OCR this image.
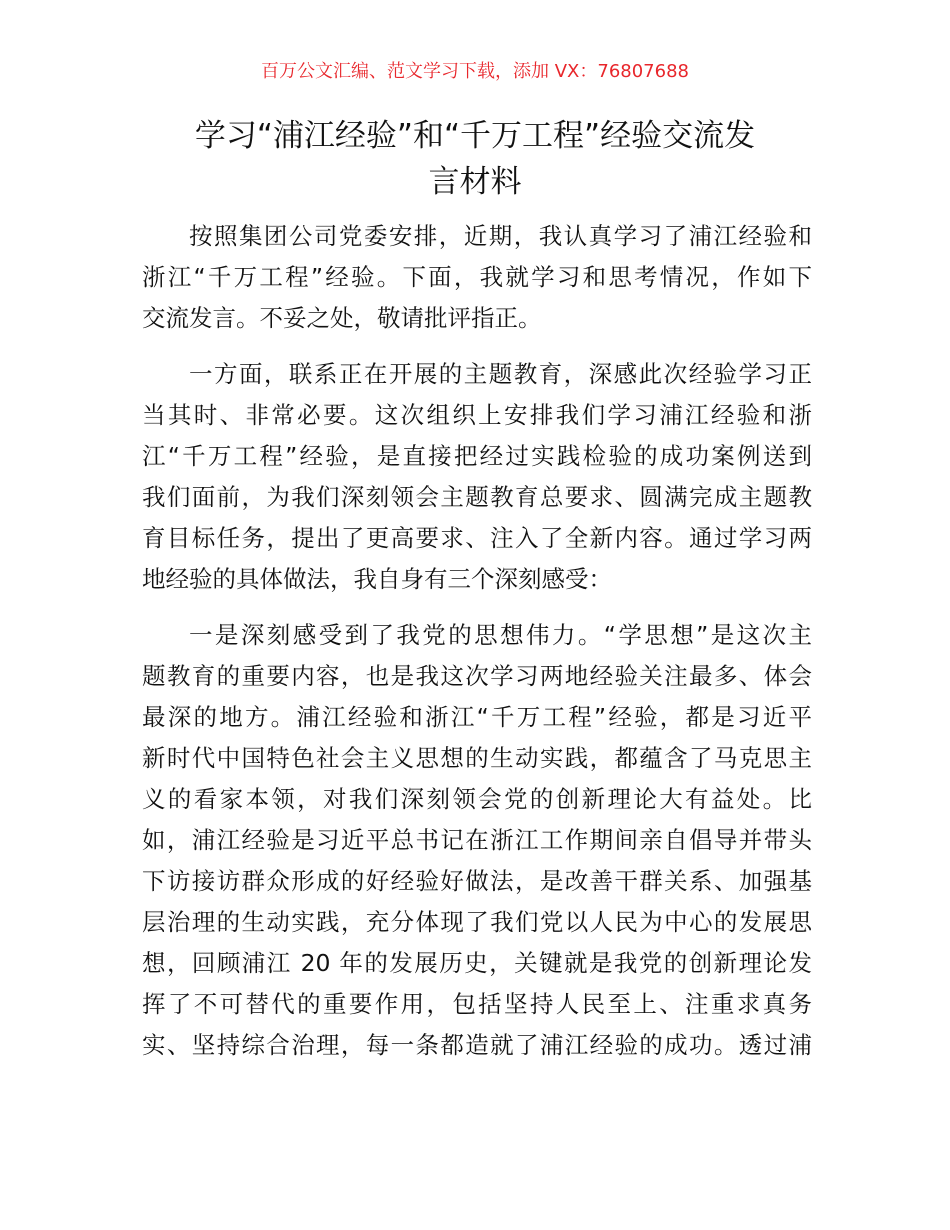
百万公文汇编、范文学习下载，添加 VX：76807688
学习“浦江经验”和“千万工程”经验交流发
言材料
按照集团公司党委安排，近期，我认真学习了浦江经验和
浙江“千万工程”经验。下面，我就学习和思考情况，作如下
交流发言。不妥之处，敬请批评指正。
一方面，联系正在开展的主题教育，深感此次经验学习正
当其时、非常必要。这次组织上安排我们学习浦江经验和浙
江“千万工程”经验，是直接把经过实践检验的成功案例送到
我们面前，为我们深刻领会主题教育总要求、圆满完成主题教
育目标任务，提出了更高要求、注入了全新内容。通过学习两
地经验的具体做法，我自身有三个深刻感受：
一是深刻感受到了我党的思想伟力。“学思想”是这次主
题教育的重要内容，也是我这次学习两地经验关注最多、体会
最深的地方。浦江经验和浙江“千万工程”经验，都是习近平
新时代中国特色社会主义思想的生动实践，都蕴含了马克思主
义的看家本领，对我们深刻领会党的创新理论大有益处。比
如，浦江经验是习近平总书记在浙江工作期间亲自倡导并带头
下访接访群众形成的好经验好做法，是改善干群关系、加强基
层治理的生动实践，充分体现了我们党以人民为中心的发展思
想，回顾浦江 20 年的发展历史，关键就是我党的创新理论发
挥了不可替代的重要作用，包括坚持人民至上、注重求真务
实、坚持综合治理，每一条都造就了浦江经验的成功。透过浦
